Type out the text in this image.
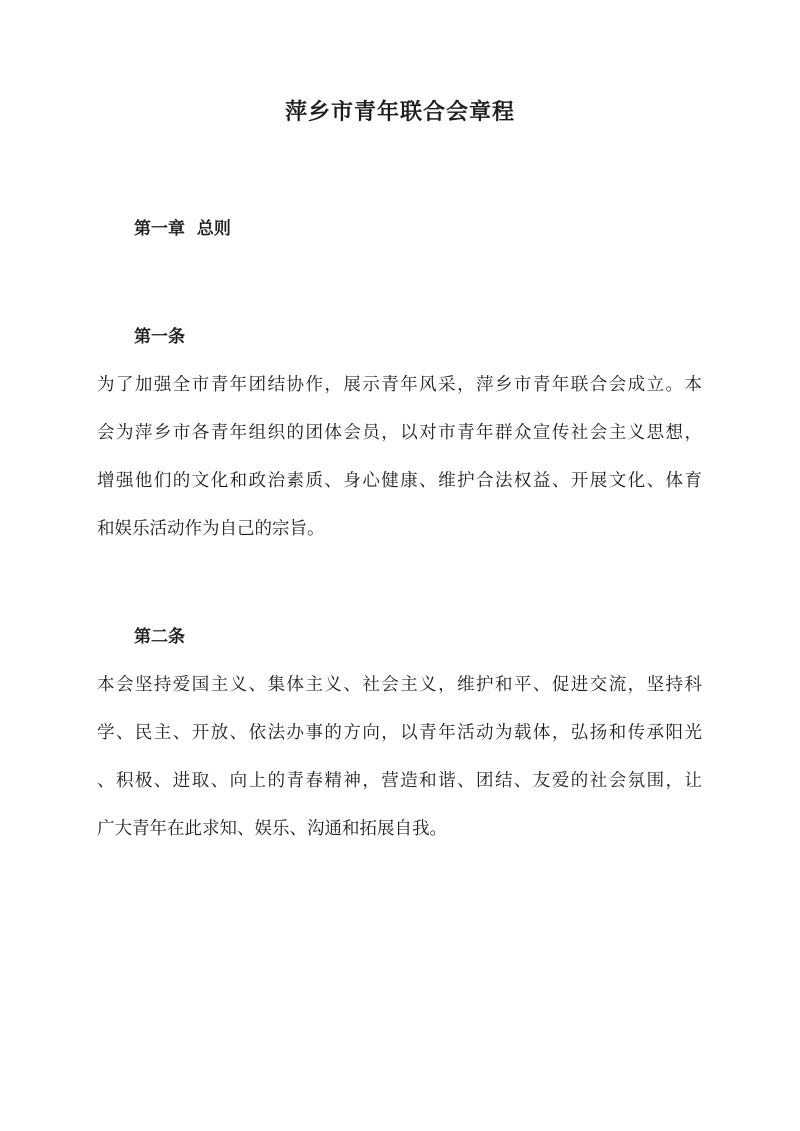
萍乡市青年联合会章程
第一章  总则
第一条
为了加强全市青年团结协作，展示青年风采，萍乡市青年联合会成立。本
会为萍乡市各青年组织的团体会员，以对市青年群众宣传社会主义思想，
增强他们的文化和政治素质、身心健康、维护合法权益、开展文化、体育
和娱乐活动作为自己的宗旨。
第二条
本会坚持爱国主义、集体主义、社会主义，维护和平、促进交流，坚持科
学、民主、开放、依法办事的方向，以青年活动为载体，弘扬和传承阳光
、积极、进取、向上的青春精神，营造和谐、团结、友爱的社会氛围，让
广大青年在此求知、娱乐、沟通和拓展自我。
